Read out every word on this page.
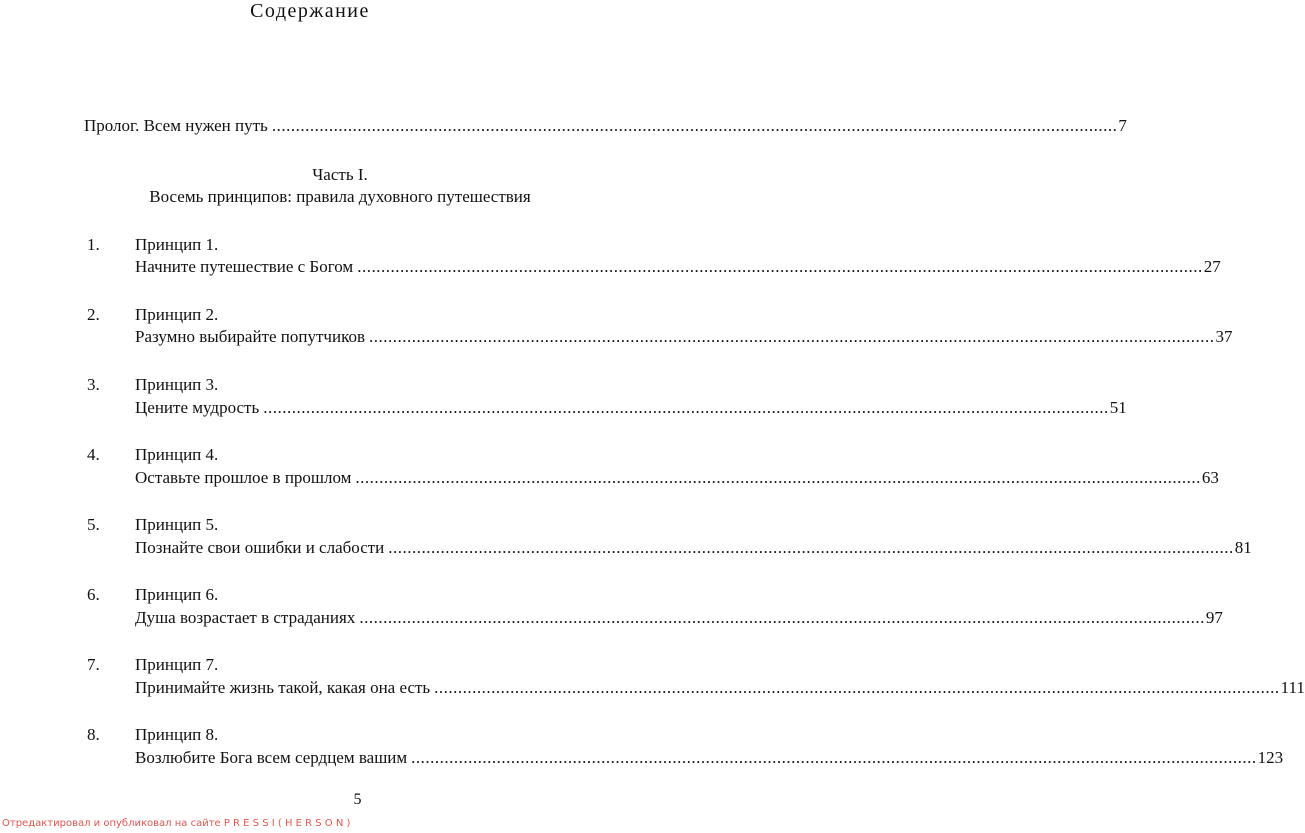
Содержание
Пролог. Всем нужен путь .....	7
Часть I.
Восемь принципов: правила духовного путешествия
1. Принцип 1.
Начните путешествие с Богом .....	27
2. Принцип 2.
Разумно выбирайте попутчиков .....	37
3. Принцип 3.
Цените мудрость .....	51
4. Принцип 4.
Оставьте прошлое в прошлом .....	63
5. Принцип 5.
Познайте свои ошибки и слабости .....	81
6. Принцип 6.
Душа возрастает в страданиях .....	97
7. Принцип 7.
Принимайте жизнь такой, какая она есть .....	111
8. Принцип 8.
Возлюбите Бога всем сердцем вашим .....	123
5
Отредактировал и опубликовал на сайте P R E S S I ( H E R S O N )
